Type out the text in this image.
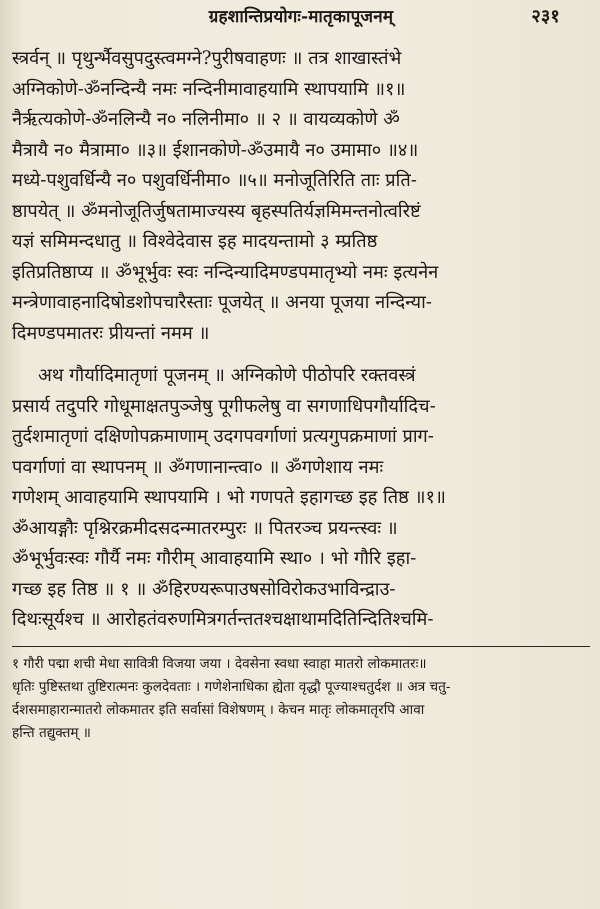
ग्रहशान्तिप्रयोगः-मातृकापूजनम्	२३१
स्त्रर्वन् ॥ पृथुर्न्भैवसुपदुस्त्वमग्ने?पुरीषवाहणः ॥ तत्र शाखास्तंभे
अग्निकोणे-ॐनन्दिन्यै नमः नन्दिनीमावाहयामि स्थापयामि ॥१॥
नैर्ऋत्यकोणे-ॐनलिन्यै न० नलिनीमा० ॥ २ ॥ वायव्यकोणे ॐ
मैत्रायै न० मैत्रामा० ॥३॥ ईशानकोणे-ॐउमायै न० उमामा० ॥४॥
मध्ये-पशुवर्धिन्यै न० पशुवर्धिनीमा० ॥५॥ मनोजूतिरिति ताः प्रति-
ष्ठापयेत् ॥ ॐमनोजूतिर्जुषतामाज्यस्य बृहस्पतिर्यज्ञमिमन्तनोत्वरिष्टं
यज्ञं समिमन्दधातु ॥ विश्वेदेवास इह मादयन्तामो ३ म्प्रतिष्ठ
इतिप्रतिष्ठाप्य ॥ ॐभूर्भुवः स्वः नन्दिन्यादिमण्डपमातृभ्यो नमः इत्यनेन
मन्त्रेणावाहनादिषोडशोपचारैस्ताः पूजयेत् ॥ अनया पूजया नन्दिन्या-
दिमण्डपमातरः प्रीयन्तां नमम ॥
अथ गौर्यादिमातृणां पूजनम् ॥ अग्निकोणे पीठोपरि रक्तवस्त्रं
प्रसार्य तदुपरि गोधूमाक्षतपुञ्जेषु पूगीफलेषु वा सगणाधिपगौर्यादिच-
तुर्दशमातृणां दक्षिणोपक्रमाणाम् उदगपवर्गाणां प्रत्यगुपक्रमाणां प्राग-
पवर्गाणां वा स्थापनम् ॥ ॐगणानान्त्वा० ॥ ॐगणेशाय नमः
गणेशम् आवाहयामि स्थापयामि । भो गणपते इहागच्छ इह तिष्ठ ॥१॥
ॐआयङ्गौः पृश्निरक्रमीदसदन्मातरम्पुरः ॥ पितरञ्च प्रयन्त्स्वः ॥
ॐभूर्भुवःस्वः गौर्यै नमः गौरीम् आवाहयामि स्था० । भो गौरि इहा-
गच्छ इह तिष्ठ ॥ १ ॥ ॐहिरण्यरूपाउषसोविरोकउभाविन्द्राउ-
दिथःसूर्यश्च ॥ आरोहतंवरुणमित्रगर्तन्ततश्चक्षाथामदितिन्दितिश्चमि-
१ गौरी पद्मा शची मेधा सावित्री विजया जया । देवसेना स्वधा स्वाहा मातरो लोकमातरः॥
धृतिः पुष्टिस्तथा तुष्टिरात्मनः कुलदेवताः । गणेशेनाधिका ह्येता वृद्धौ पूज्याश्चतुर्दश ॥ अत्र चतु-
र्दशसमाहारान्मातरो लोकमातर इति सर्वासां विशेषणम् । केचन मातृः लोकमातृरपि आवा
हन्ति तद्युक्तम् ॥
